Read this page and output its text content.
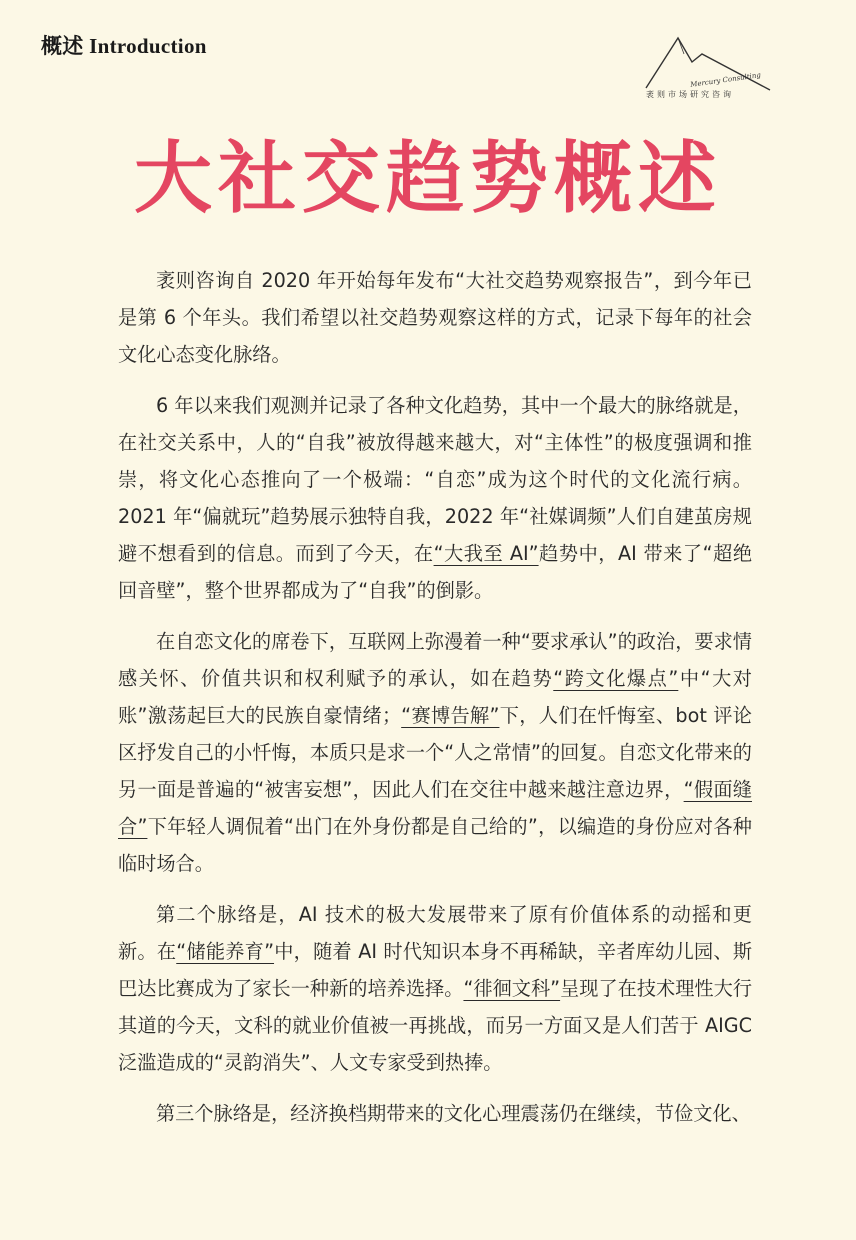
概述 Introduction
Mercury Consulting
袤则市场研究咨询
大社交趋势概述

袤则咨询自 2020 年开始每年发布“大社交趋势观察报告”，到今年已是第 6 个年头。我们希望以社交趋势观察这样的方式，记录下每年的社会文化心态变化脉络。

6 年以来我们观测并记录了各种文化趋势，其中一个最大的脉络就是，在社交关系中，人的“自我”被放得越来越大，对“主体性”的极度强调和推崇，将文化心态推向了一个极端：“自恋”成为这个时代的文化流行病。2021 年“偏就玩”趋势展示独特自我，2022 年“社媒调频”人们自建茧房规避不想看到的信息。而到了今天，在“大我至 AI”趋势中，AI 带来了“超绝回音壁”，整个世界都成为了“自我”的倒影。

在自恋文化的席卷下，互联网上弥漫着一种“要求承认”的政治，要求情感关怀、价值共识和权利赋予的承认，如在趋势“跨文化爆点”中“大对账”激荡起巨大的民族自豪情绪；“赛博告解”下，人们在忏悔室、bot 评论区抒发自己的小忏悔，本质只是求一个“人之常情”的回复。自恋文化带来的另一面是普遍的“被害妄想”，因此人们在交往中越来越注意边界，“假面缝合”下年轻人调侃着“出门在外身份都是自己给的”，以编造的身份应对各种临时场合。

第二个脉络是，AI 技术的极大发展带来了原有价值体系的动摇和更新。在“储能养育”中，随着 AI 时代知识本身不再稀缺，辛者库幼儿园、斯巴达比赛成为了家长一种新的培养选择。“徘徊文科”呈现了在技术理性大行其道的今天，文科的就业价值被一再挑战，而另一方面又是人们苦于 AIGC 泛滥造成的“灵韵消失”、人文专家受到热捧。

第三个脉络是，经济换档期带来的文化心理震荡仍在继续，节俭文化、
